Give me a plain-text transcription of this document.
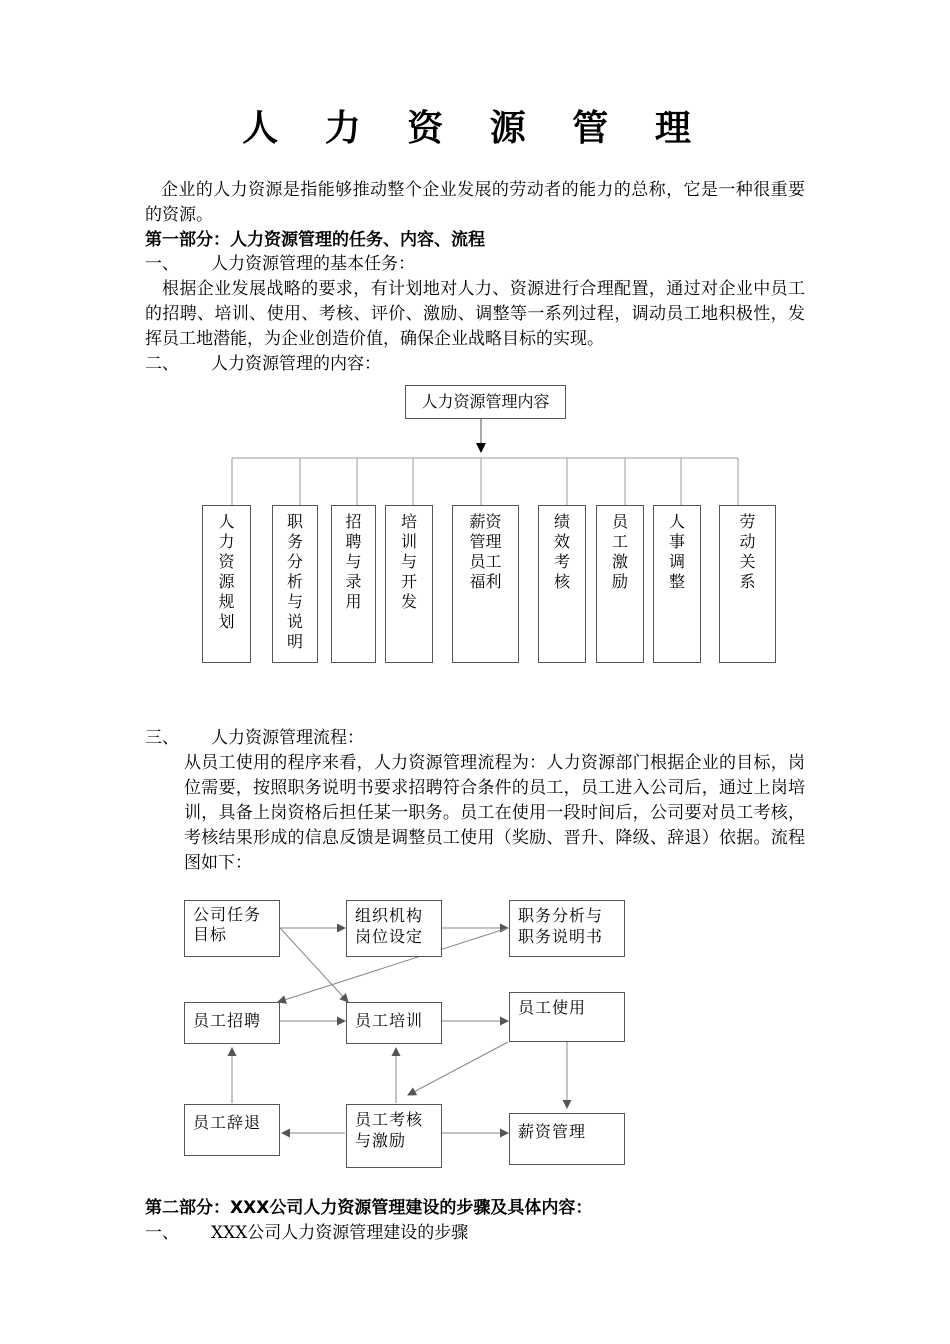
人 力 资 源 管 理
企业的人力资源是指能够推动整个企业发展的劳动者的能力的总称，它是一种很重要的资源。
第一部分：人力资源管理的任务、内容、流程
一、 人力资源管理的基本任务：
根据企业发展战略的要求，有计划地对人力、资源进行合理配置，通过对企业中员工的招聘、培训、使用、考核、评价、激励、调整等一系列过程，调动员工地积极性，发挥员工地潜能，为企业创造价值，确保企业战略目标的实现。
二、 人力资源管理的内容：
人力资源管理内容
人
力
资
源
规
划
职
务
分
析
与
说
明
招
聘
与
录
用
培
训
与
开
发
薪资
管理
员工
福利
绩
效
考
核
员
工
激
励
人
事
调
整
劳
动
关
系
三、 人力资源管理流程：
从员工使用的程序来看，人力资源管理流程为：人力资源部门根据企业的目标，岗位需要，按照职务说明书要求招聘符合条件的员工，员工进入公司后，通过上岗培训，具备上岗资格后担任某一职务。员工在使用一段时间后，公司要对员工考核，考核结果形成的信息反馈是调整员工使用（奖励、晋升、降级、辞退）依据。流程图如下：
公司任务目标
组织机构岗位设定
职务分析与职务说明书
员工招聘	员工培训
员工使用
员工辞退	员工考核与激励	薪资管理
第二部分：XXX公司人力资源管理建设的步骤及具体内容：
一、 XXX公司人力资源管理建设的步骤
